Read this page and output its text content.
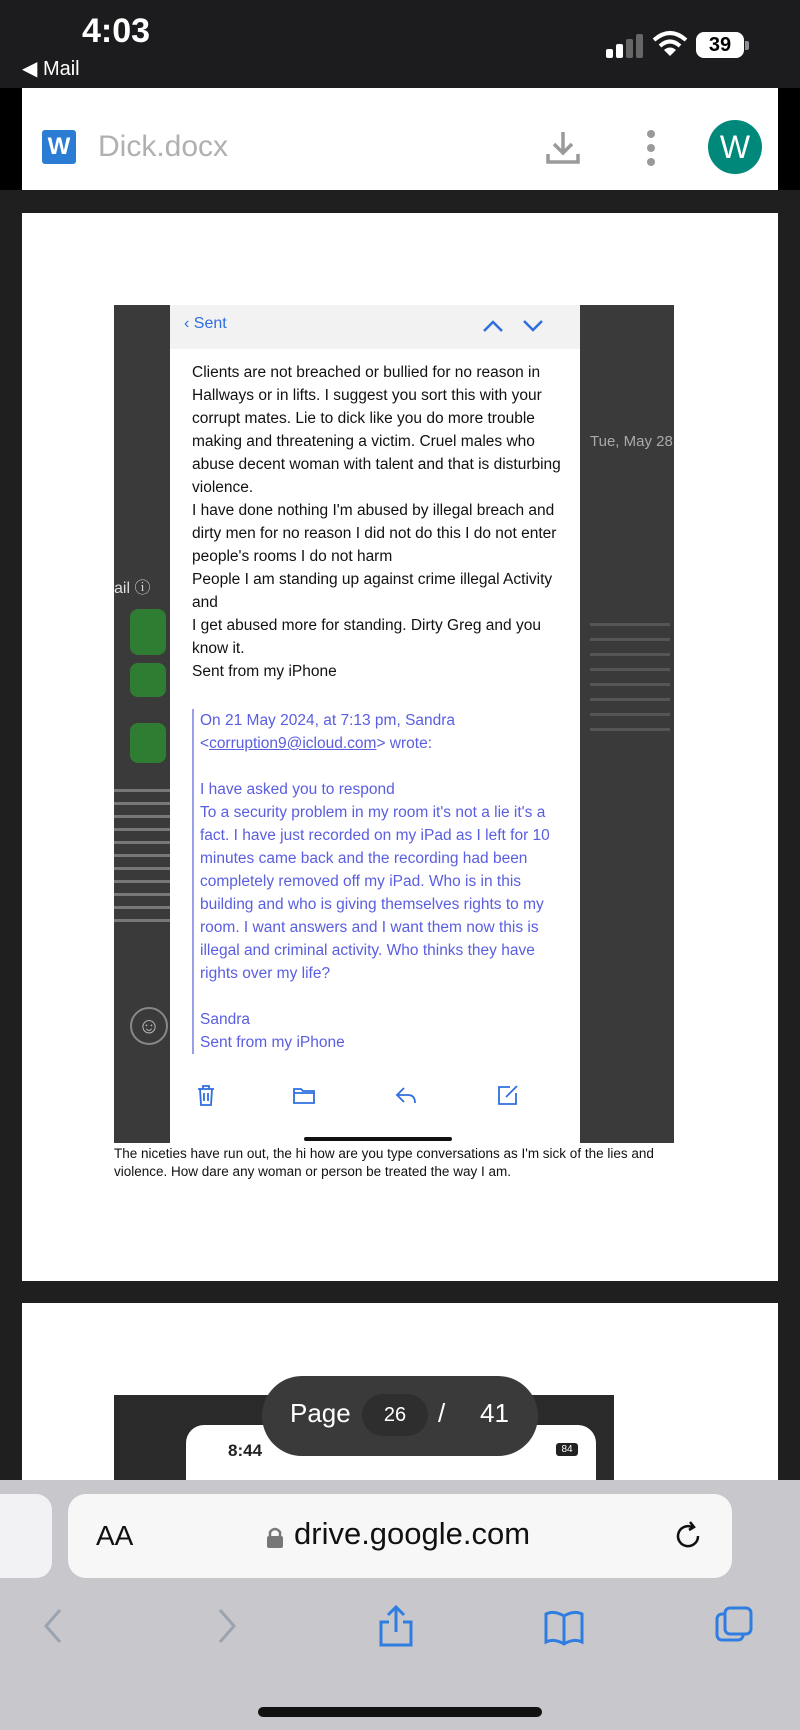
4:03
◀ Mail
39
W Dick.docx	W
☺
ail ⓘ
Tue, May 28
‹ Sent
Clients are not breached or bullied for no reason in Hallways or in lifts. I suggest you sort this with your corrupt mates. Lie to dick like you do more trouble making and threatening a victim. Cruel males who abuse decent woman with talent and that is disturbing violence.
I have done nothing I'm abused by illegal breach and dirty men for no reason I did not do this I do not enter people's rooms I do not harm
People I am standing up against crime illegal Activity and
I get abused more for standing. Dirty Greg and you know it.
Sent from my iPhone

On 21 May 2024, at 7:13 pm, Sandra
<corruption9@icloud.com> wrote:

I have asked you to respond
To a security problem in my room it's not a lie it's a fact. I have just recorded on my iPad as I left for 10 minutes came back and the recording had been completely removed off my iPad. Who is in this building and who is giving themselves rights to my room. I want answers and I want them now this is illegal and criminal activity. Who thinks they have rights over my life?

Sandra
Sent from my iPhone

The niceties have run out, the hi how are you type conversations as I'm sick of the lies and violence. How dare any woman or person be treated the way I am.
8:44	84
Page	26	/ 41
AA	drive.google.com
